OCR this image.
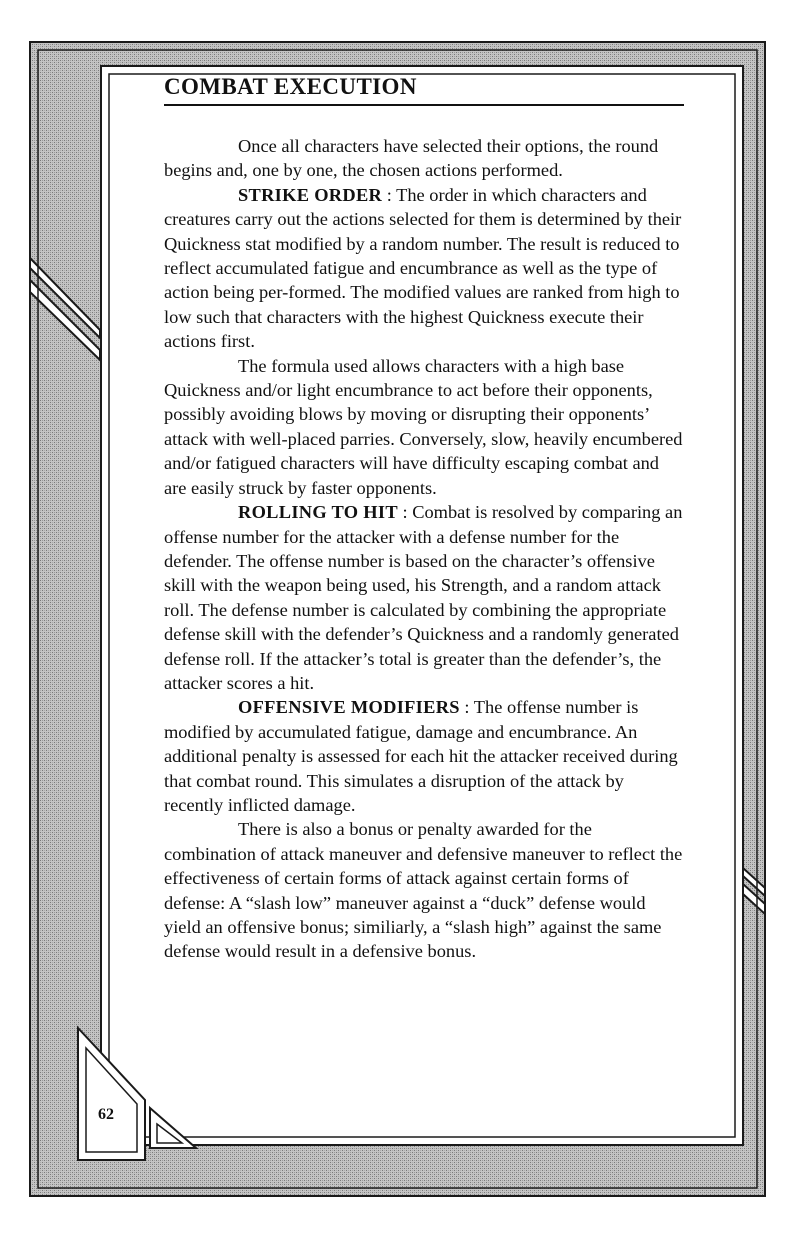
62
COMBAT EXECUTION

Once all characters have selected their options, the round begins and, one by one, the chosen actions performed.

STRIKE ORDER : The order in which characters and creatures carry out the actions selected for them is determined by their Quickness stat modified by a random number. The result is reduced to reflect accumulated fatigue and encumbrance as well as the type of action being per-formed. The modified values are ranked from high to low such that characters with the highest Quickness execute their actions first.

The formula used allows characters with a high base Quickness and/or light encumbrance to act before their opponents, possibly avoiding blows by moving or disrupting their opponents’ attack with well-placed parries. Conversely, slow, heavily encumbered and/or fatigued characters will have difficulty escaping combat and are easily struck by faster opponents.

ROLLING TO HIT : Combat is resolved by comparing an offense number for the attacker with a defense number for the defender. The offense number is based on the character’s offensive skill with the weapon being used, his Strength, and a random attack roll. The defense number is calculated by combining the appropriate defense skill with the defender’s Quickness and a randomly generated defense roll. If the attacker’s total is greater than the defender’s, the attacker scores a hit.

OFFENSIVE MODIFIERS : The offense number is modified by accumulated fatigue, damage and encumbrance. An additional penalty is assessed for each hit the attacker received during that combat round. This simulates a disruption of the attack by recently inflicted damage.

There is also a bonus or penalty awarded for the combination of attack maneuver and defensive maneuver to reflect the effectiveness of certain forms of attack against certain forms of defense: A “slash low” maneuver against a “duck” defense would yield an offensive bonus; similiarly, a “slash high” against the same defense would result in a defensive bonus.
